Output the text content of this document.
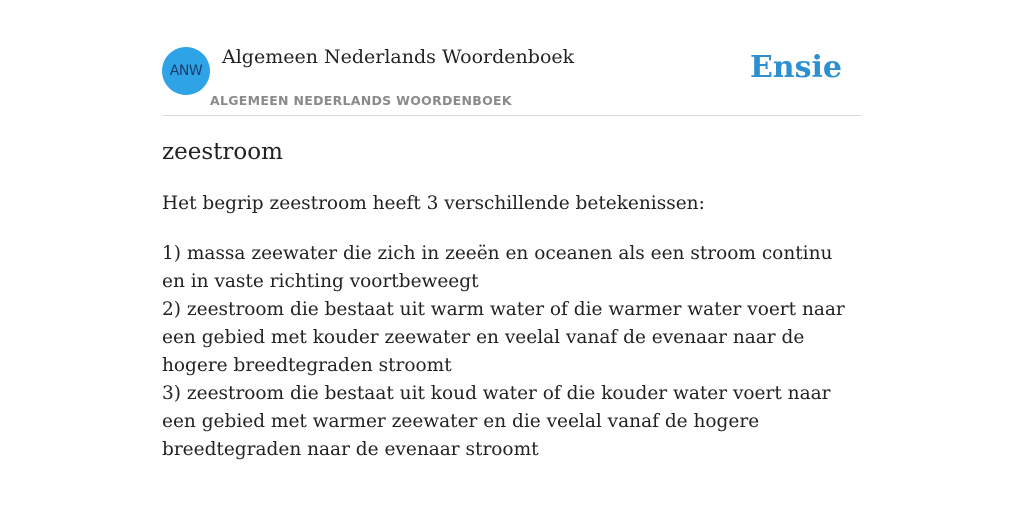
ANW
Algemeen Nederlands Woordenboek
ALGEMEEN NEDERLANDS WOORDENBOEK
Ensie
zeestroom
Het begrip zeestroom heeft 3 verschillende betekenissen:
1) massa zeewater die zich in zeeën en oceanen als een stroom continu en in vaste richting voortbeweegt
2) zeestroom die bestaat uit warm water of die warmer water voert naar een gebied met kouder zeewater en veelal vanaf de evenaar naar de hogere breedtegraden stroomt
3) zeestroom die bestaat uit koud water of die kouder water voert naar een gebied met warmer zeewater en die veelal vanaf de hogere breedtegraden naar de evenaar stroomt
